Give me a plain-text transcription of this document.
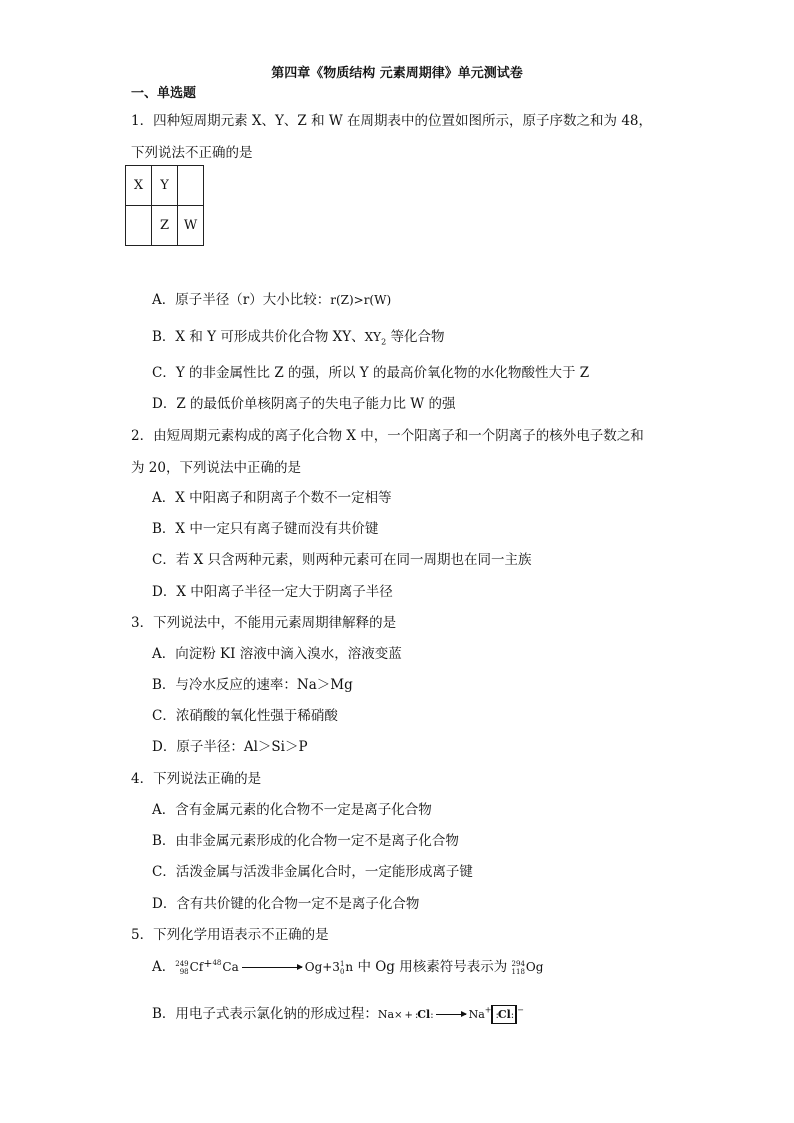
第四章《物质结构 元素周期律》单元测试卷
一、单选题
1．四种短周期元素 X、Y、Z 和 W 在周期表中的位置如图所示，原子序数之和为 48，
下列说法不正确的是
X	Y	
	Z	W
A．原子半径（r）大小比较：r(Z)>r(W)
B．X 和 Y 可形成共价化合物 XY、$XY_2$ 等化合物
C．Y 的非金属性比 Z 的强，所以 Y 的最高价氧化物的水化物酸性大于 Z
D．Z 的最低价单核阴离子的失电子能力比 W 的强
2．由短周期元素构成的离子化合物 X 中，一个阳离子和一个阴离子的核外电子数之和
为 20，下列说法中正确的是
A．X 中阳离子和阴离子个数不一定相等
B．X 中一定只有离子键而没有共价键
C．若 X 只含两种元素，则两种元素可在同一周期也在同一主族
D．X 中阳离子半径一定大于阴离子半径
3．下列说法中，不能用元素周期律解释的是
A．向淀粉 KI 溶液中滴入溴水，溶液变蓝
B．与冷水反应的速率：Na＞Mg
C．浓硝酸的氧化性强于稀硝酸
D．原子半径：Al＞Si＞P
4．下列说法正确的是
A．含有金属元素的化合物不一定是离子化合物
B．由非金属元素形成的化合物一定不是离子化合物
C．活泼金属与活泼非金属化合时，一定能形成离子键
D．含有共价键的化合物一定不是离子化合物
5．下列化学用语表示不正确的是
A．249
98Cf+48Ca	Og+31
0n 中 Og 用核素符号表示为 294
118Og
B．用电子式表示氯化钠的形成过程：Na× + :Cl:	Na+ :Cl: −
